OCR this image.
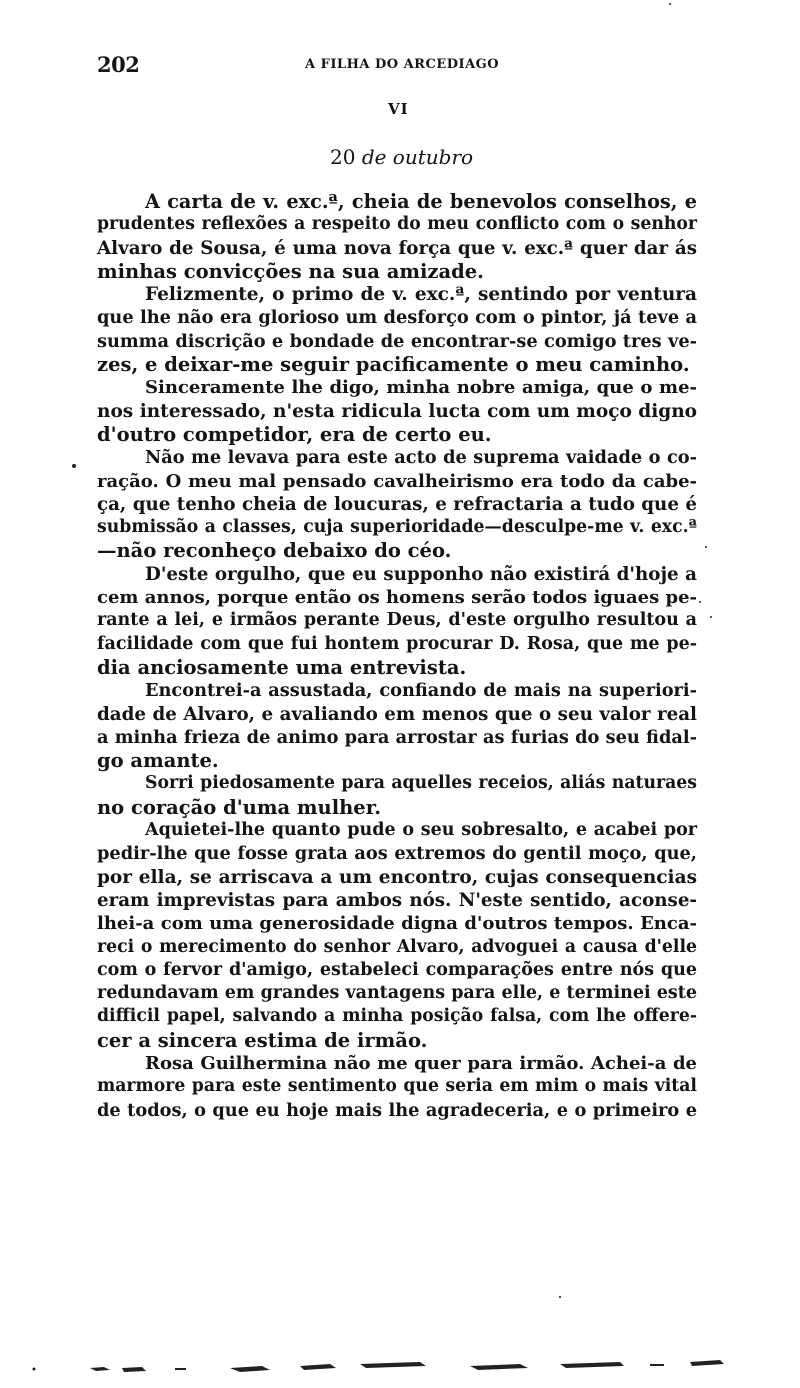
202	A FILHA DO ARCEDIAGO
VI
20 de outubro
A carta de v. exc.ª, cheia de benevolos conselhos, e
prudentes reflexões a respeito do meu conflicto com o senhor
Alvaro de Sousa, é uma nova força que v. exc.ª quer dar ás
minhas convicções na sua amizade.
Felizmente, o primo de v. exc.ª, sentindo por ventura
que lhe não era glorioso um desforço com o pintor, já teve a
summa discrição e bondade de encontrar-se comigo tres ve-
zes, e deixar-me seguir pacificamente o meu caminho.
Sinceramente lhe digo, minha nobre amiga, que o me-
nos interessado, n'esta ridicula lucta com um moço digno
d'outro competidor, era de certo eu.
Não me levava para este acto de suprema vaidade o co-
ração. O meu mal pensado cavalheirismo era todo da cabe-
ça, que tenho cheia de loucuras, e refractaria a tudo que é
submissão a classes, cuja superioridade—desculpe-me v. exc.ª
—não reconheço debaixo do céo.
D'este orgulho, que eu supponho não existirá d'hoje a
cem annos, porque então os homens serão todos iguaes pe-
rante a lei, e irmãos perante Deus, d'este orgulho resultou a
facilidade com que fui hontem procurar D. Rosa, que me pe-
dia anciosamente uma entrevista.
Encontrei-a assustada, confiando de mais na superiori-
dade de Alvaro, e avaliando em menos que o seu valor real
a minha frieza de animo para arrostar as furias do seu fidal-
go amante.
Sorri piedosamente para aquelles receios, aliás naturaes
no coração d'uma mulher.
Aquietei-lhe quanto pude o seu sobresalto, e acabei por
pedir-lhe que fosse grata aos extremos do gentil moço, que,
por ella, se arriscava a um encontro, cujas consequencias
eram imprevistas para ambos nós. N'este sentido, aconse-
lhei-a com uma generosidade digna d'outros tempos. Enca-
reci o merecimento do senhor Alvaro, advoguei a causa d'elle
com o fervor d'amigo, estabeleci comparações entre nós que
redundavam em grandes vantagens para elle, e terminei este
difficil papel, salvando a minha posição falsa, com lhe offere-
cer a sincera estima de irmão.
Rosa Guilhermina não me quer para irmão. Achei-a de
marmore para este sentimento que seria em mim o mais vital
de todos, o que eu hoje mais lhe agradeceria, e o primeiro e
